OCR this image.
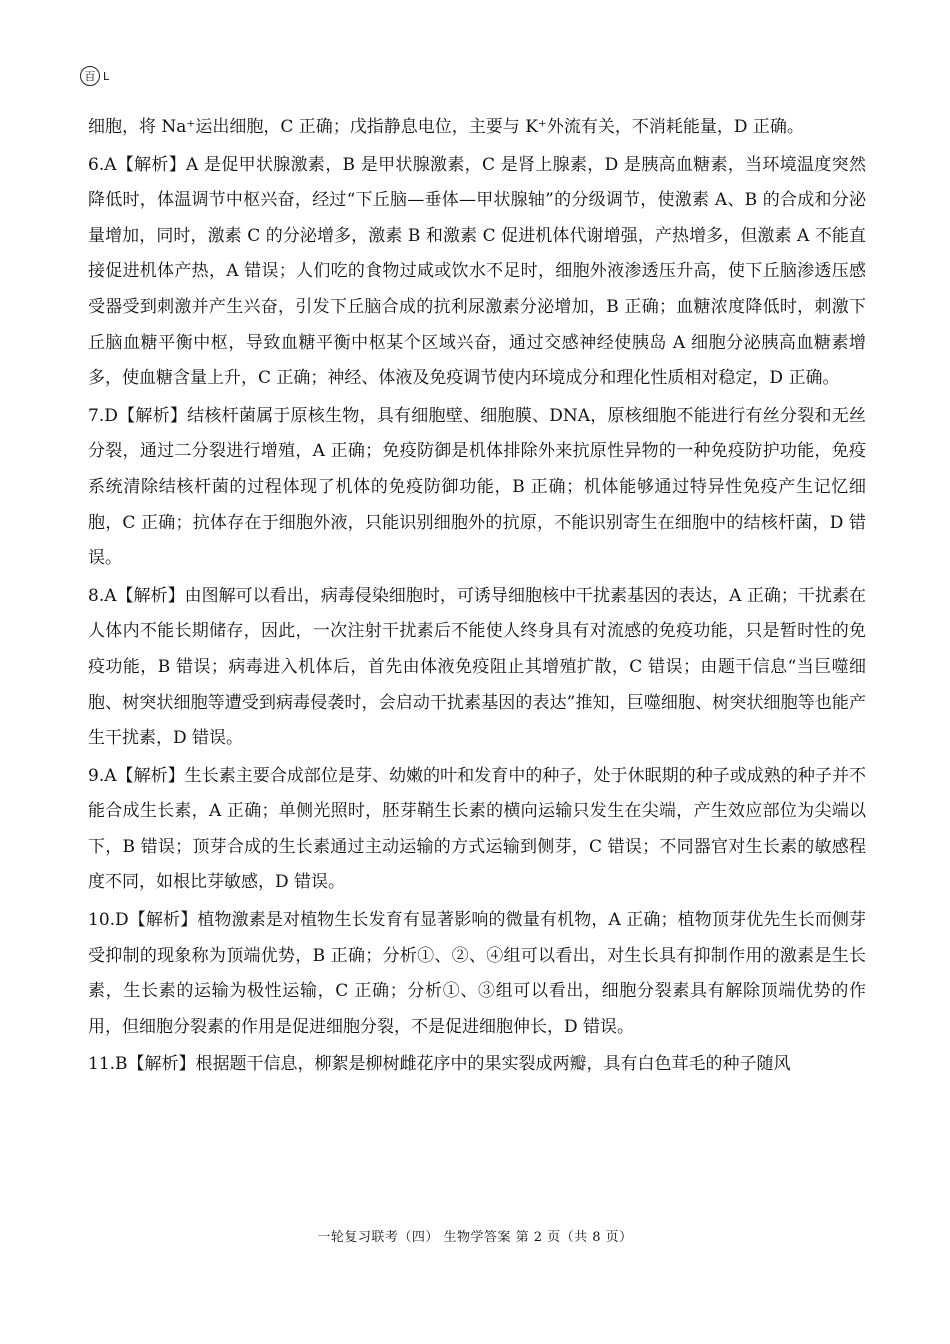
百 L

细胞，将 Na⁺运出细胞，C 正确；戊指静息电位，主要与 K⁺外流有关，不消耗能量，D 正确。

6.A【解析】A 是促甲状腺激素，B 是甲状腺激素，C 是肾上腺素，D 是胰高血糖素，当环境温度突然降低时，体温调节中枢兴奋，经过“下丘脑—垂体—甲状腺轴”的分级调节，使激素 A、B 的合成和分泌量增加，同时，激素 C 的分泌增多，激素 B 和激素 C 促进机体代谢增强，产热增多，但激素 A 不能直接促进机体产热，A 错误；人们吃的食物过咸或饮水不足时，细胞外液渗透压升高，使下丘脑渗透压感受器受到刺激并产生兴奋，引发下丘脑合成的抗利尿激素分泌增加，B 正确；血糖浓度降低时，刺激下丘脑血糖平衡中枢，导致血糖平衡中枢某个区域兴奋，通过交感神经使胰岛 A 细胞分泌胰高血糖素增多，使血糖含量上升，C 正确；神经、体液及免疫调节使内环境成分和理化性质相对稳定，D 正确。

7.D【解析】结核杆菌属于原核生物，具有细胞壁、细胞膜、DNA，原核细胞不能进行有丝分裂和无丝分裂，通过二分裂进行增殖，A 正确；免疫防御是机体排除外来抗原性异物的一种免疫防护功能，免疫系统清除结核杆菌的过程体现了机体的免疫防御功能，B 正确；机体能够通过特异性免疫产生记忆细胞，C 正确；抗体存在于细胞外液，只能识别细胞外的抗原，不能识别寄生在细胞中的结核杆菌，D 错误。

8.A【解析】由图解可以看出，病毒侵染细胞时，可诱导细胞核中干扰素基因的表达，A 正确；干扰素在人体内不能长期储存，因此，一次注射干扰素后不能使人终身具有对流感的免疫功能，只是暂时性的免疫功能，B 错误；病毒进入机体后，首先由体液免疫阻止其增殖扩散，C 错误；由题干信息“当巨噬细胞、树突状细胞等遭受到病毒侵袭时，会启动干扰素基因的表达”推知，巨噬细胞、树突状细胞等也能产生干扰素，D 错误。

9.A【解析】生长素主要合成部位是芽、幼嫩的叶和发育中的种子，处于休眠期的种子或成熟的种子并不能合成生长素，A 正确；单侧光照时，胚芽鞘生长素的横向运输只发生在尖端，产生效应部位为尖端以下，B 错误；顶芽合成的生长素通过主动运输的方式运输到侧芽，C 错误；不同器官对生长素的敏感程度不同，如根比芽敏感，D 错误。

10.D【解析】植物激素是对植物生长发育有显著影响的微量有机物，A 正确；植物顶芽优先生长而侧芽受抑制的现象称为顶端优势，B 正确；分析①、②、④组可以看出，对生长具有抑制作用的激素是生长素，生长素的运输为极性运输，C 正确；分析①、③组可以看出，细胞分裂素具有解除顶端优势的作用，但细胞分裂素的作用是促进细胞分裂，不是促进细胞伸长，D 错误。

11.B【解析】根据题干信息，柳絮是柳树雌花序中的果实裂成两瓣，具有白色茸毛的种子随风

一轮复习联考（四） 生物学答案 第 2 页（共 8 页）
